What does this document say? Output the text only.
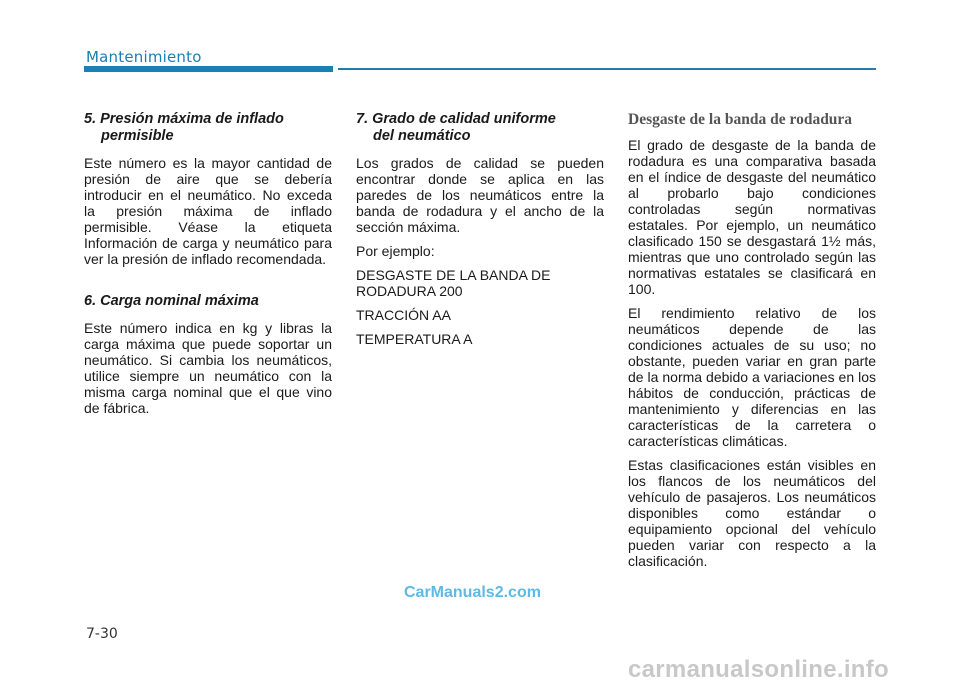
Mantenimiento
5. Presión máxima de inflado
permisible

Este número es la mayor cantidad de presión de aire que se debería introducir en el neumático. No exceda la presión máxima de inflado permisible. Véase la etiqueta Información de carga y neumático para ver la presión de inflado recomendada.

6. Carga nominal máxima

Este número indica en kg y libras la carga máxima que puede soportar un neumático. Si cambia los neumáticos, utilice siempre un neumático con la misma carga nominal que el que vino de fábrica.

7. Grado de calidad uniforme
del neumático

Los grados de calidad se pueden encontrar donde se aplica en las paredes de los neumáticos entre la banda de rodadura y el ancho de la sección máxima.

Por ejemplo:

DESGASTE DE LA BANDA DE RODADURA 200

TRACCIÓN AA

TEMPERATURA A

Desgaste de la banda de rodadura

El grado de desgaste de la banda de rodadura es una comparativa basada en el índice de desgaste del neumático al probarlo bajo condiciones controladas según normativas estatales. Por ejemplo, un neumático clasificado 150 se desgastará 1½ más, mientras que uno controlado según las normativas estatales se clasificará en 100.

El rendimiento relativo de los neumáticos depende de las condiciones actuales de su uso; no obstante, pueden variar en gran parte de la norma debido a variaciones en los hábitos de conducción, prácticas de mantenimiento y diferencias en las características de la carretera o características climáticas.

Estas clasificaciones están visibles en los flancos de los neumáticos del vehículo de pasajeros. Los neumáticos disponibles como estándar o equipamiento opcional del vehículo pueden variar con respecto a la clasificación.

CarManuals2.com
7-30
carmanualsonline.info
